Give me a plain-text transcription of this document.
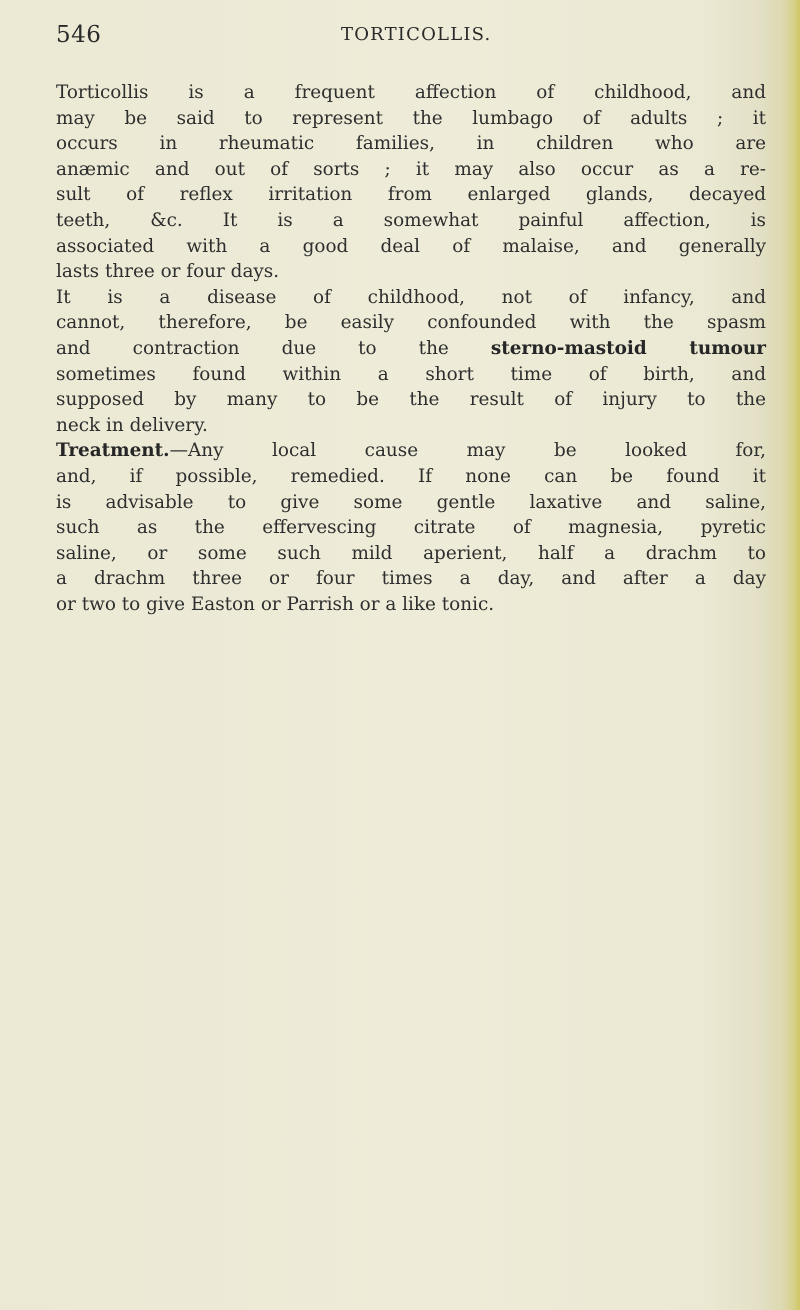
546	TORTICOLLIS.
Torticollis is a frequent affection of childhood, and
may be said to represent the lumbago of adults ; it
occurs in rheumatic families, in children who are
anæmic and out of sorts ; it may also occur as a re-
sult of reflex irritation from enlarged glands, decayed
teeth, &c. It is a somewhat painful affection, is
associated with a good deal of malaise, and generally
lasts three or four days.
It is a disease of childhood, not of infancy, and
cannot, therefore, be easily confounded with the spasm
and contraction due to the sterno-mastoid tumour
sometimes found within a short time of birth, and
supposed by many to be the result of injury to the
neck in delivery.
Treatment.—Any local cause may be looked for,
and, if possible, remedied. If none can be found it
is advisable to give some gentle laxative and saline,
such as the effervescing citrate of magnesia, pyretic
saline, or some such mild aperient, half a drachm to
a drachm three or four times a day, and after a day
or two to give Easton or Parrish or a like tonic.
